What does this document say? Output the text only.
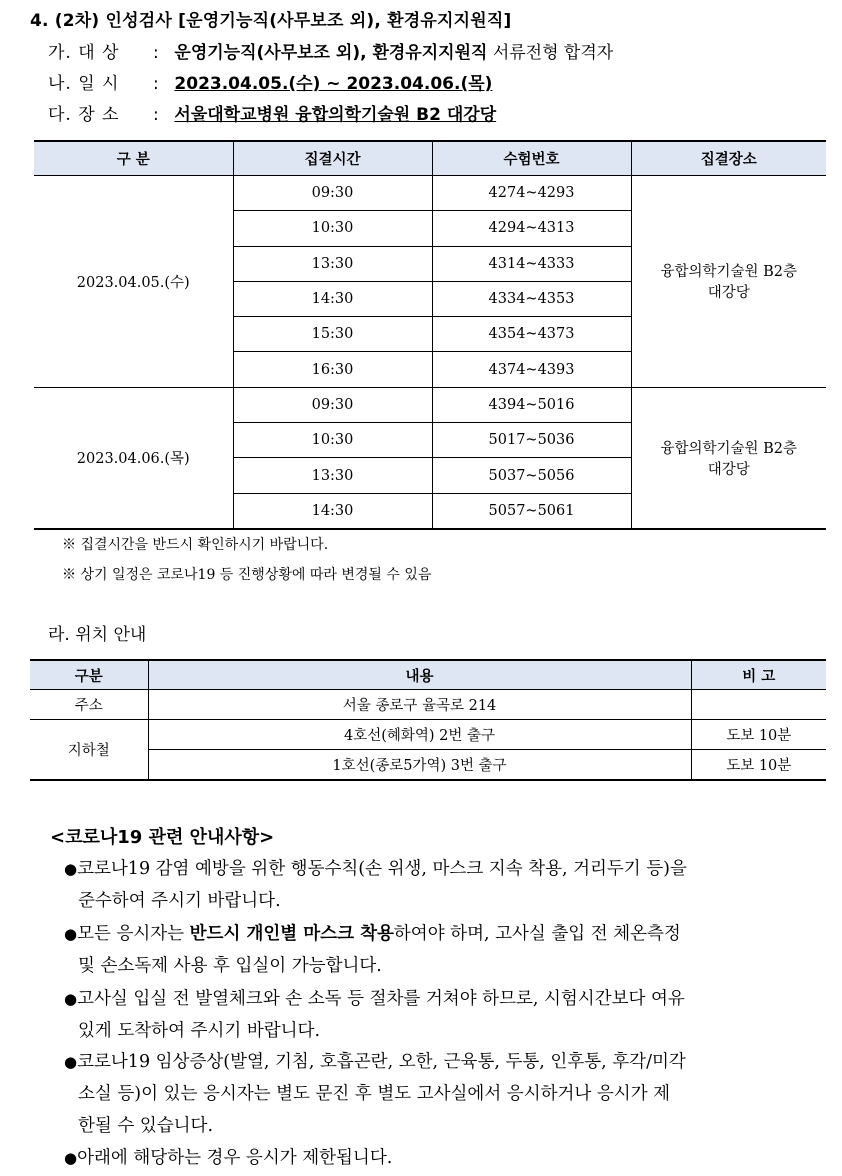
4. (2차) 인성검사 [운영기능직(사무보조 외), 환경유지지원직]
가. 대 상 : 운영기능직(사무보조 외), 환경유지지원직 서류전형 합격자
나. 일 시 : 2023.04.05.(수) ~ 2023.04.06.(목)
다. 장 소 : 서울대학교병원 융합의학기술원 B2 대강당
구 분	집결시간	수험번호	집결장소
2023.04.05.(수)	09:30	4274~4293	융합의학기술원 B2층
대강당

	10:30	4294~4313	
	13:30	4314~4333	
	14:30	4334~4353	
	15:30	4354~4373	
	16:30	4374~4393	
2023.04.06.(목)	09:30	4394~5016	융합의학기술원 B2층
대강당

	10:30	5017~5036	
	13:30	5037~5056	
	14:30	5057~5061	
※ 집결시간을 반드시 확인하시기 바랍니다.
※ 상기 일정은 코로나19 등 진행상황에 따라 변경될 수 있음
라. 위치 안내
구분	내용	비 고
주소	서울 종로구 율곡로 214	
지하철	4호선(혜화역) 2번 출구	도보 10분
	1호선(종로5가역) 3번 출구	도보 10분
<코로나19 관련 안내사항>
●코로나19 감염 예방을 위한 행동수칙(손 위생, 마스크 지속 착용, 거리두기 등)을
준수하여 주시기 바랍니다.
●모든 응시자는 반드시 개인별 마스크 착용하여야 하며, 고사실 출입 전 체온측정
및 손소독제 사용 후 입실이 가능합니다.
●고사실 입실 전 발열체크와 손 소독 등 절차를 거쳐야 하므로, 시험시간보다 여유
있게 도착하여 주시기 바랍니다.
●코로나19 임상증상(발열, 기침, 호흡곤란, 오한, 근육통, 두통, 인후통, 후각/미각
소실 등)이 있는 응시자는 별도 문진 후 별도 고사실에서 응시하거나 응시가 제
한될 수 있습니다.
●아래에 해당하는 경우 응시가 제한됩니다.
